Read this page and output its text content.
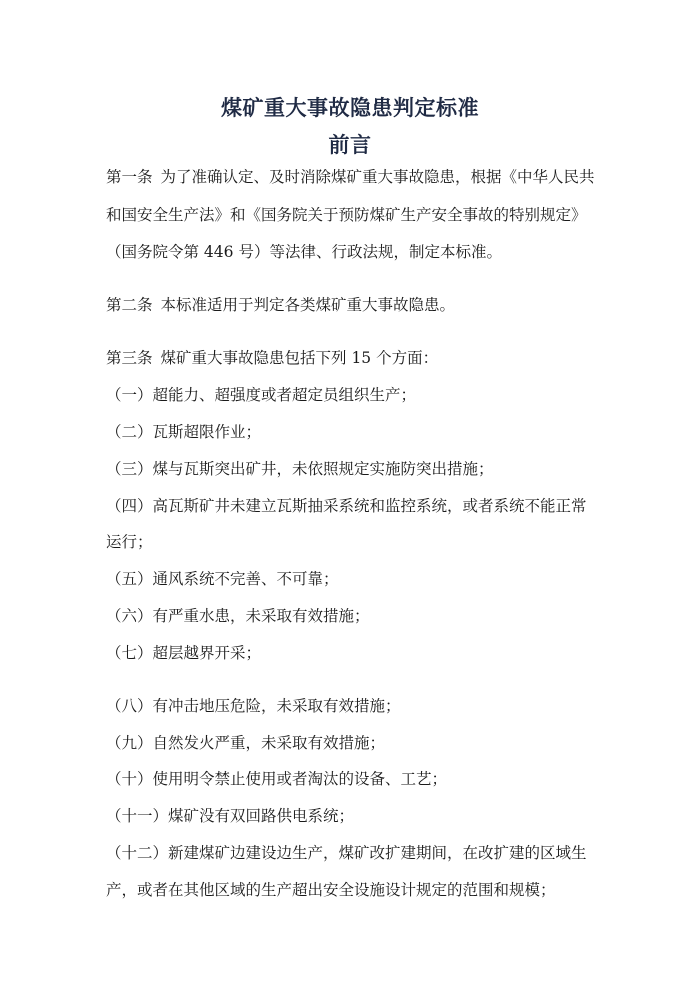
煤矿重大事故隐患判定标准
前言
第一条 为了准确认定、及时消除煤矿重大事故隐患，根据《中华人民共
和国安全生产法》和《国务院关于预防煤矿生产安全事故的特别规定》
（国务院令第 446 号）等法律、行政法规，制定本标准。
第二条 本标准适用于判定各类煤矿重大事故隐患。
第三条 煤矿重大事故隐患包括下列 15 个方面：
（一）超能力、超强度或者超定员组织生产；
（二）瓦斯超限作业；
（三）煤与瓦斯突出矿井，未依照规定实施防突出措施；
（四）高瓦斯矿井未建立瓦斯抽采系统和监控系统，或者系统不能正常
运行；
（五）通风系统不完善、不可靠；
（六）有严重水患，未采取有效措施；
（七）超层越界开采；
（八）有冲击地压危险，未采取有效措施；
（九）自然发火严重，未采取有效措施；
（十）使用明令禁止使用或者淘汰的设备、工艺；
（十一）煤矿没有双回路供电系统；
（十二）新建煤矿边建设边生产，煤矿改扩建期间，在改扩建的区域生
产，或者在其他区域的生产超出安全设施设计规定的范围和规模；
